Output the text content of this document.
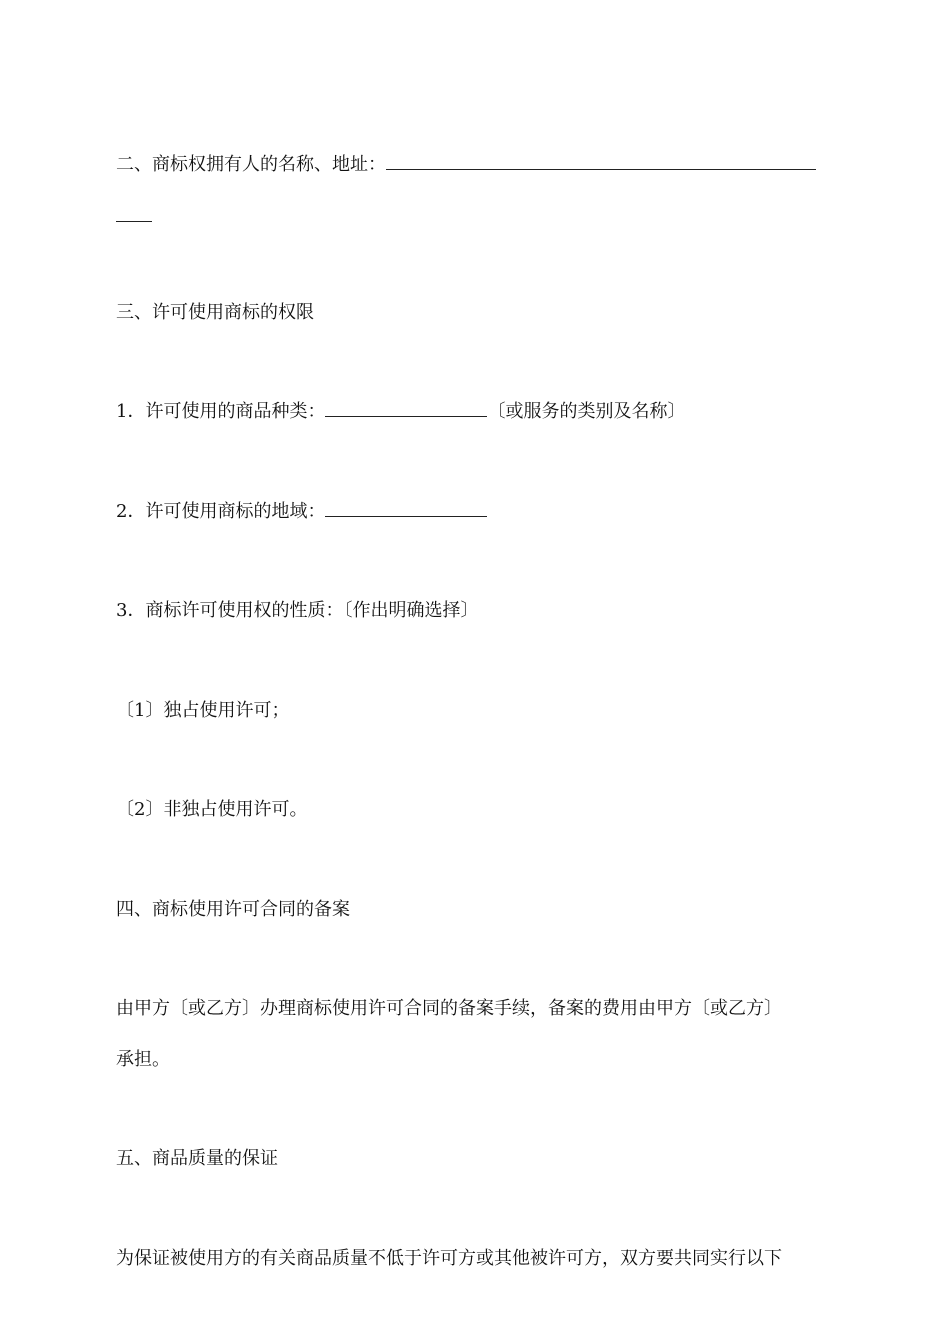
二、商标权拥有人的名称、地址：
三、许可使用商标的权限
1．许可使用的商品种类：	〔或服务的类别及名称〕
2．许可使用商标的地域：
3．商标许可使用权的性质：〔作出明确选择〕
〔1〕独占使用许可；
〔2〕非独占使用许可。
四、商标使用许可合同的备案
由甲方〔或乙方〕办理商标使用许可合同的备案手续，备案的费用由甲方〔或乙方〕
承担。
五、商品质量的保证
为保证被使用方的有关商品质量不低于许可方或其他被许可方，双方要共同实行以下
